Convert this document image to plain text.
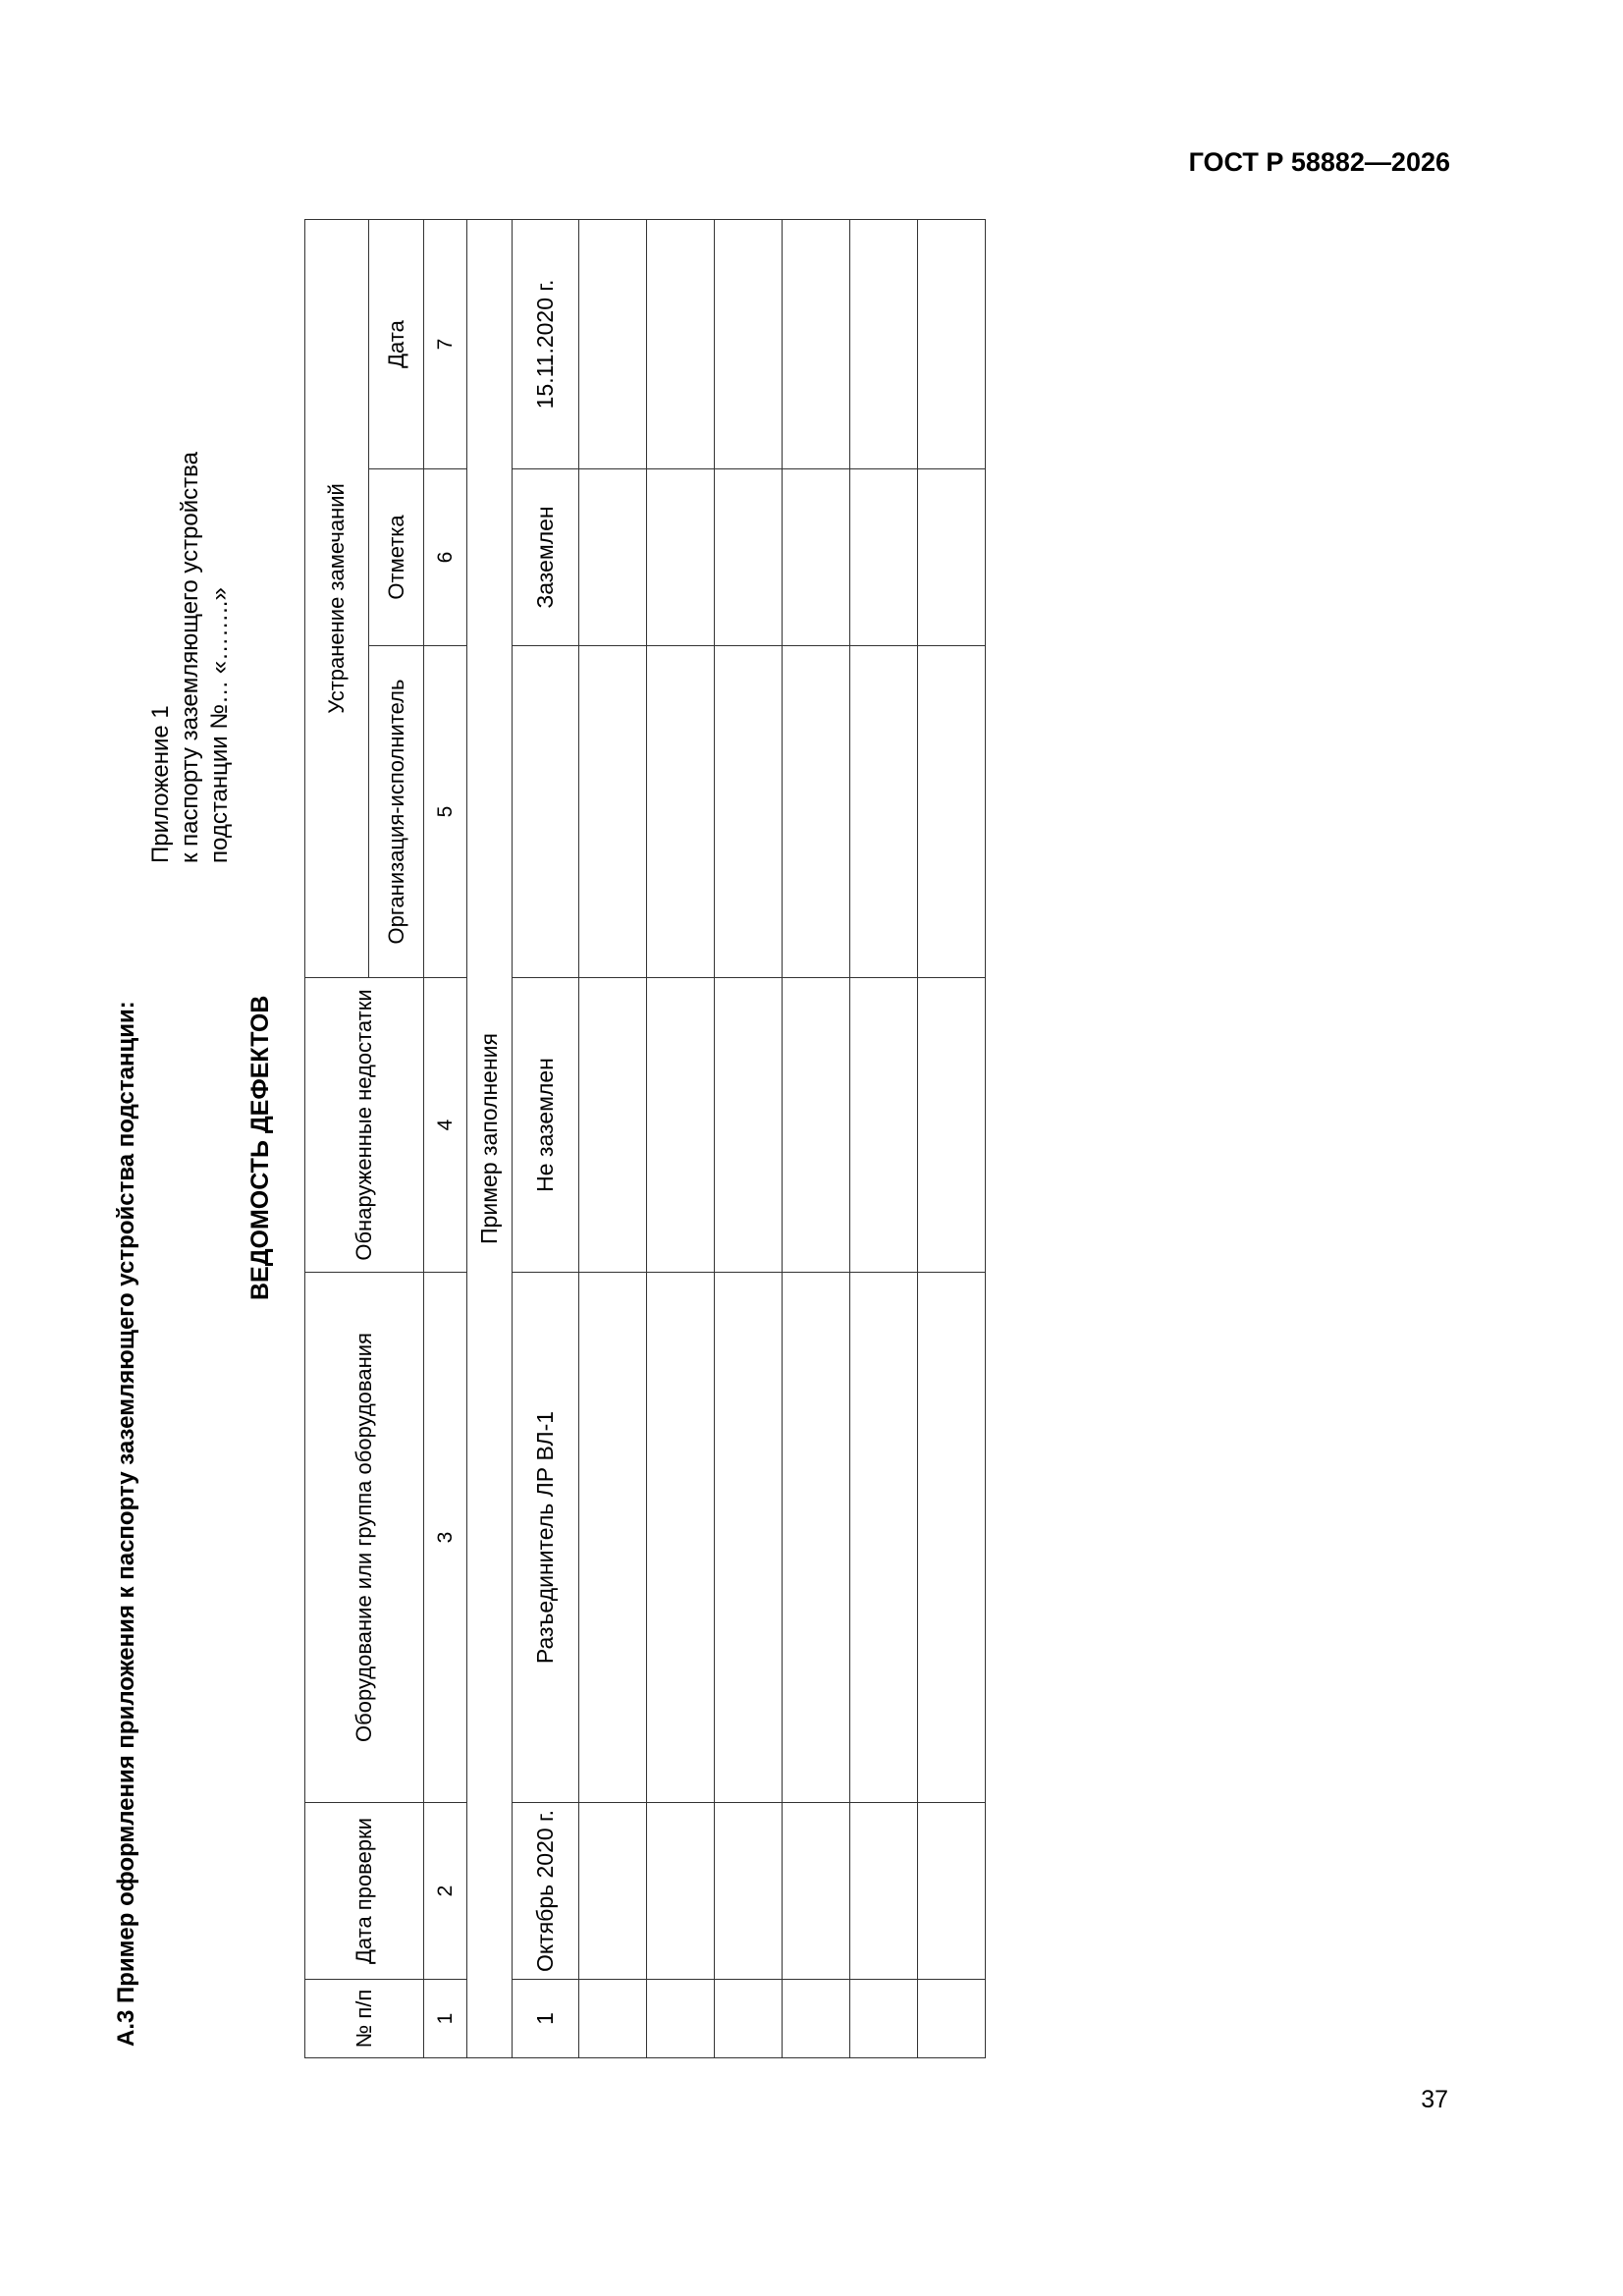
ГОСТ Р 58882—2026
А.3 Пример оформления приложения к паспорту заземляющего устройства подстанции:
Приложение 1 к паспорту заземляющего устройства подстанции №… «……..»
ВЕДОМОСТЬ ДЕФЕКТОВ
№ п/п	Дата проверки	Оборудование или группа оборудования	Обнаруженные недостатки	Устранение замечаний		
				Организация-исполнитель	Отметка	Дата
1	2	3	4	5	6	7
Пример заполнения						
1	Октябрь 2020 г.	Разъединитель ЛР ВЛ-1	Не заземлен		Заземлен	15.11.2020 г.

37
